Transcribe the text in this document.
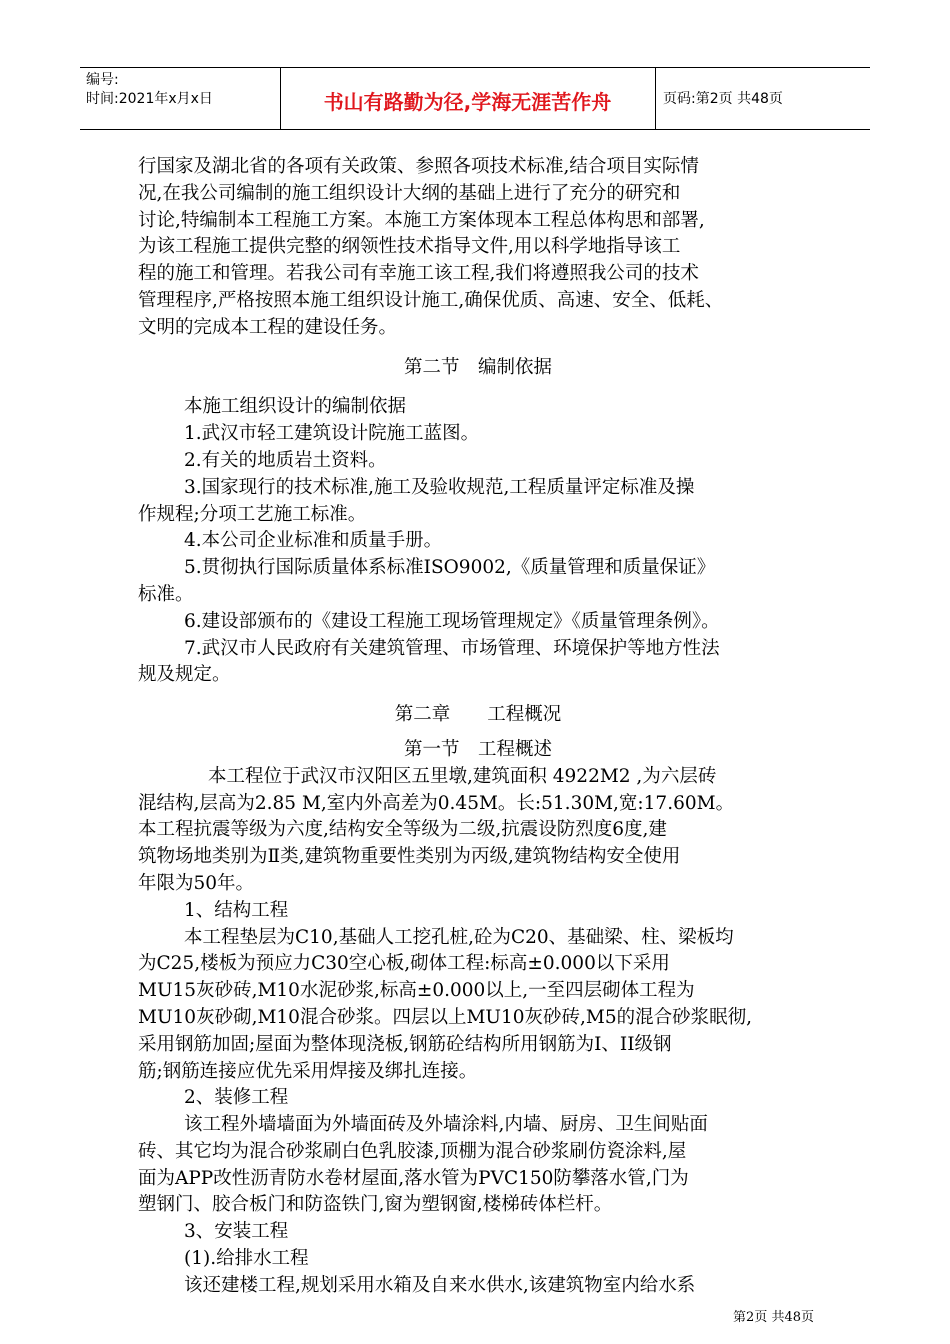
编号:
时间:2021年x月x日	书山有路勤为径,学海无涯苦作舟	页码:第2页 共48页
行国家及湖北省的各项有关政策、参照各项技术标准,结合项目实际情
况,在我公司编制的施工组织设计大纲的基础上进行了充分的研究和
讨论,特编制本工程施工方案。本施工方案体现本工程总体构思和部署,
为该工程施工提供完整的纲领性技术指导文件,用以科学地指导该工
程的施工和管理。若我公司有幸施工该工程,我们将遵照我公司的技术
管理程序,严格按照本施工组织设计施工,确保优质、高速、安全、低耗、
文明的完成本工程的建设任务。
第二节　编制依据
本施工组织设计的编制依据
1.武汉市轻工建筑设计院施工蓝图。
2.有关的地质岩土资料。
3.国家现行的技术标准,施工及验收规范,工程质量评定标准及操
作规程;分项工艺施工标准。
4.本公司企业标准和质量手册。
5.贯彻执行国际质量体系标准ISO9002,《质量管理和质量保证》
标准。
6.建设部颁布的《建设工程施工现场管理规定》《质量管理条例》。
7.武汉市人民政府有关建筑管理、市场管理、环境保护等地方性法
规及规定。
第二章　　工程概况
第一节　工程概述
本工程位于武汉市汉阳区五里墩,建筑面积 4922M2 ,为六层砖
混结构,层高为2.85 M,室内外高差为0.45M。长:51.30M,宽:17.60M。
本工程抗震等级为六度,结构安全等级为二级,抗震设防烈度6度,建
筑物场地类别为Ⅱ类,建筑物重要性类别为丙级,建筑物结构安全使用
年限为50年。
1、结构工程
本工程垫层为C10,基础人工挖孔桩,砼为C20、基础梁、柱、梁板均
为C25,楼板为预应力C30空心板,砌体工程:标高±0.000以下采用
MU15灰砂砖,M10水泥砂浆,标高±0.000以上,一至四层砌体工程为
MU10灰砂砌,M10混合砂浆。四层以上MU10灰砂砖,M5的混合砂浆眠彻,
采用钢筋加固;屋面为整体现浇板,钢筋砼结构所用钢筋为I、II级钢
筋;钢筋连接应优先采用焊接及绑扎连接。
2、装修工程
该工程外墙墙面为外墙面砖及外墙涂料,内墙、厨房、卫生间贴面
砖、其它均为混合砂浆刷白色乳胶漆,顶棚为混合砂浆刷仿瓷涂料,屋
面为APP改性沥青防水卷材屋面,落水管为PVC150防攀落水管,门为
塑钢门、胶合板门和防盗铁门,窗为塑钢窗,楼梯砖体栏杆。
3、安装工程
(1).给排水工程
该还建楼工程,规划采用水箱及自来水供水,该建筑物室内给水系
第2页 共48页
